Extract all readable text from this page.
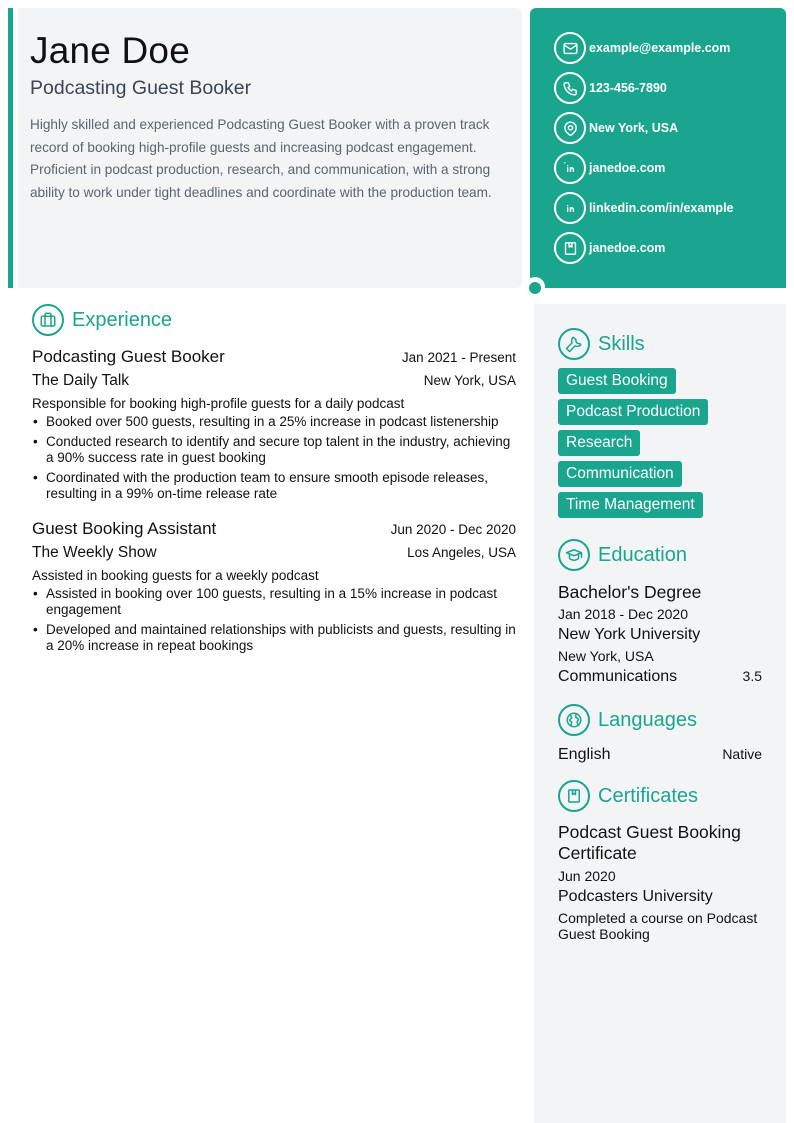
Jane Doe
Podcasting Guest Booker
Highly skilled and experienced Podcasting Guest Booker with a proven track record of booking high-profile guests and increasing podcast engagement. Proficient in podcast production, research, and communication, with a strong ability to work under tight deadlines and coordinate with the production team.
example@example.com
123-456-7890
New York, USA
janedoe.com
linkedin.com/in/example
janedoe.com
Experience
Podcasting Guest Booker	Jan 2021 - Present
The Daily Talk	New York, USA
Responsible for booking high-profile guests for a daily podcast
• Booked over 500 guests, resulting in a 25% increase in podcast listenership
• Conducted research to identify and secure top talent in the industry, achieving a 90% success rate in guest booking
• Coordinated with the production team to ensure smooth episode releases, resulting in a 99% on-time release rate
Guest Booking Assistant	Jun 2020 - Dec 2020
The Weekly Show	Los Angeles, USA
Assisted in booking guests for a weekly podcast
• Assisted in booking over 100 guests, resulting in a 15% increase in podcast engagement
• Developed and maintained relationships with publicists and guests, resulting in a 20% increase in repeat bookings
Skills
Guest Booking
Podcast Production
Research
Communication
Time Management
Education
Bachelor's Degree
Jan 2018 - Dec 2020
New York University
New York, USA
Communications	3.5
Languages
English	Native
Certificates
Podcast Guest Booking Certificate
Jun 2020
Podcasters University
Completed a course on Podcast Guest Booking
